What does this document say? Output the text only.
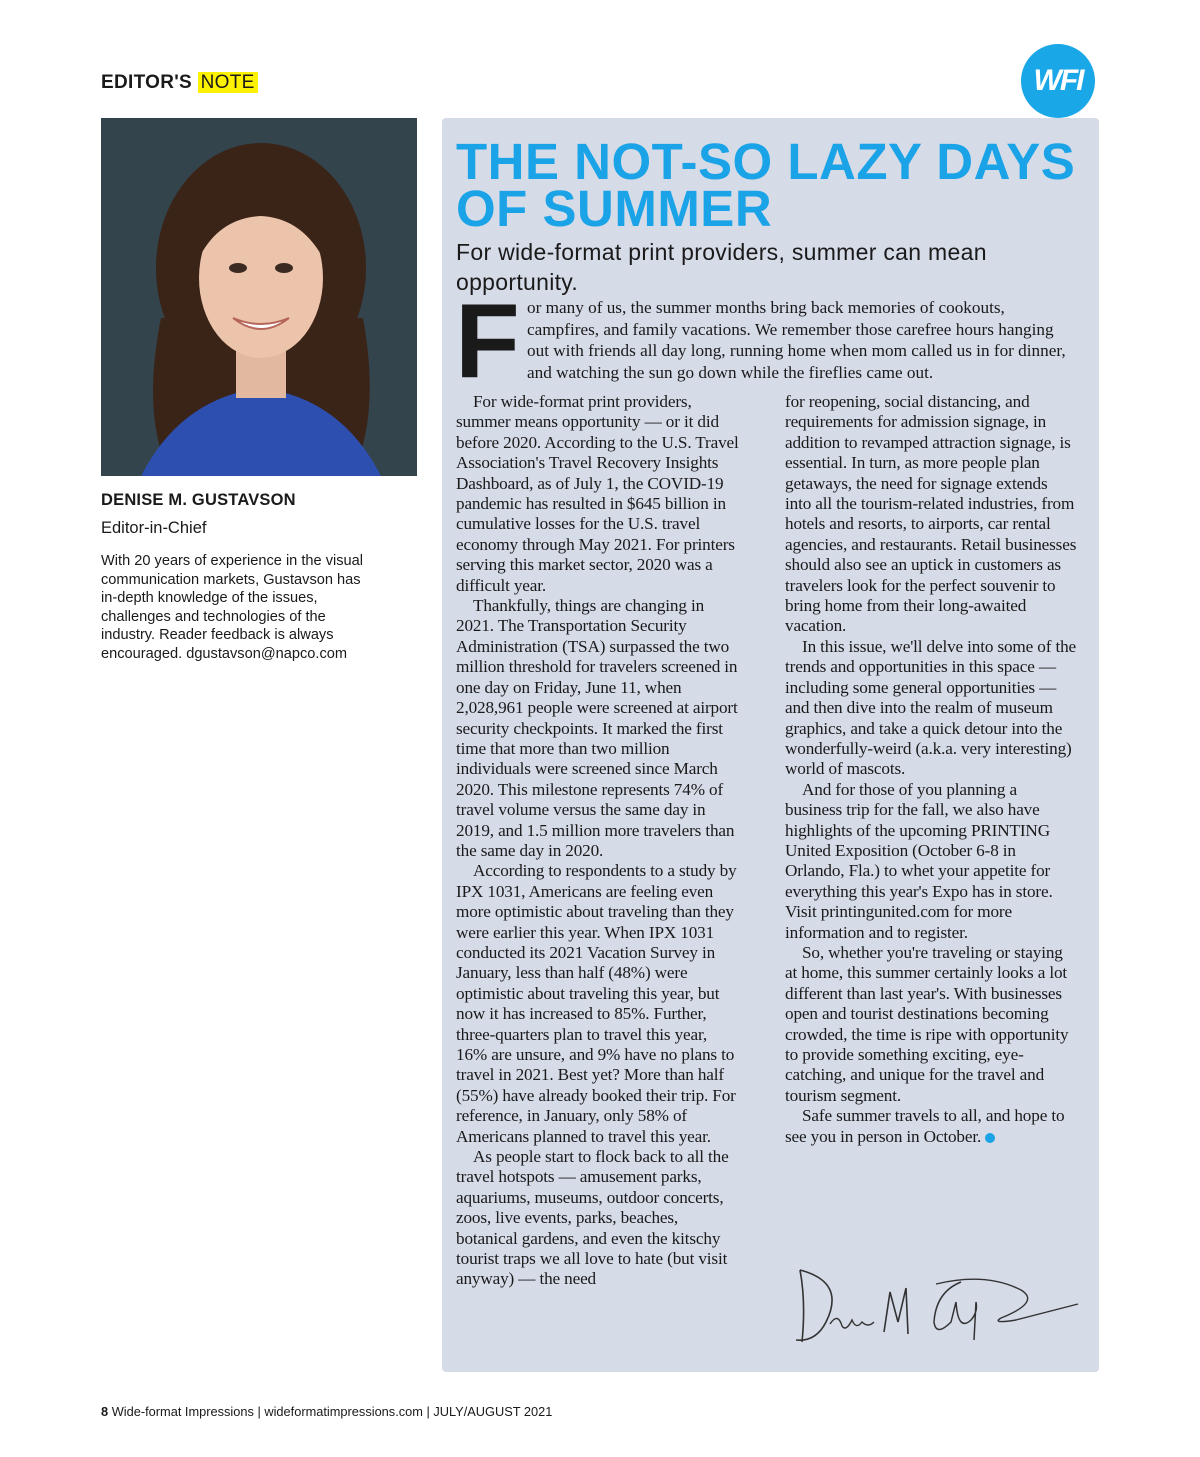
EDITOR'S NOTE	WFI
DENISE M. GUSTAVSON
Editor-in-Chief
With 20 years of experience in the visual communication markets, Gustavson has in-depth knowledge of the issues, challenges and technologies of the industry. Reader feedback is always encouraged. dgustavson@napco.com
THE NOT-SO LAZY DAYS OF SUMMER
For wide-format print providers, summer can mean opportunity.
F or many of us, the summer months bring back memories of cookouts, campfires, and family vacations. We remember those carefree hours hanging out with friends all day long, running home when mom called us in for dinner, and watching the sun go down while the fireflies came out.

For wide-format print providers, summer means opportunity — or it did before 2020. According to the U.S. Travel Association's Travel Recovery Insights Dashboard, as of July 1, the COVID-19 pandemic has resulted in $645 billion in cumulative losses for the U.S. travel economy through May 2021. For printers serving this market sector, 2020 was a difficult year.

Thankfully, things are changing in 2021. The Transportation Security Administration (TSA) surpassed the two million threshold for travelers screened in one day on Friday, June 11, when 2,028,961 people were screened at airport security checkpoints. It marked the first time that more than two million individuals were screened since March 2020. This milestone represents 74% of travel volume versus the same day in 2019, and 1.5 million more travelers than the same day in 2020.

According to respondents to a study by IPX 1031, Americans are feeling even more optimistic about traveling than they were earlier this year. When IPX 1031 conducted its 2021 Vacation Survey in January, less than half (48%) were optimistic about traveling this year, but now it has increased to 85%. Further, three-quarters plan to travel this year, 16% are unsure, and 9% have no plans to travel in 2021. Best yet? More than half (55%) have already booked their trip. For reference, in January, only 58% of Americans planned to travel this year.

As people start to flock back to all the travel hotspots — amusement parks, aquariums, museums, outdoor concerts, zoos, live events, parks, beaches, botanical gardens, and even the kitschy tourist traps we all love to hate (but visit anyway) — the need

for reopening, social distancing, and requirements for admission signage, in addition to revamped attraction signage, is essential. In turn, as more people plan getaways, the need for signage extends into all the tourism-related industries, from hotels and resorts, to airports, car rental agencies, and restaurants. Retail businesses should also see an uptick in customers as travelers look for the perfect souvenir to bring home from their long-awaited vacation.

In this issue, we'll delve into some of the trends and opportunities in this space — including some general opportunities — and then dive into the realm of museum graphics, and take a quick detour into the wonderfully-weird (a.k.a. very interesting) world of mascots.

And for those of you planning a business trip for the fall, we also have highlights of the upcoming PRINTING United Exposition (October 6-8 in Orlando, Fla.) to whet your appetite for everything this year's Expo has in store. Visit printingunited.com for more information and to register.

So, whether you're traveling or staying at home, this summer certainly looks a lot different than last year's. With businesses open and tourist destinations becoming crowded, the time is ripe with opportunity to provide something exciting, eye-catching, and unique for the travel and tourism segment.

Safe summer travels to all, and hope to see you in person in October.

8 Wide-format Impressions | wideformatimpressions.com | JULY/AUGUST 2021
